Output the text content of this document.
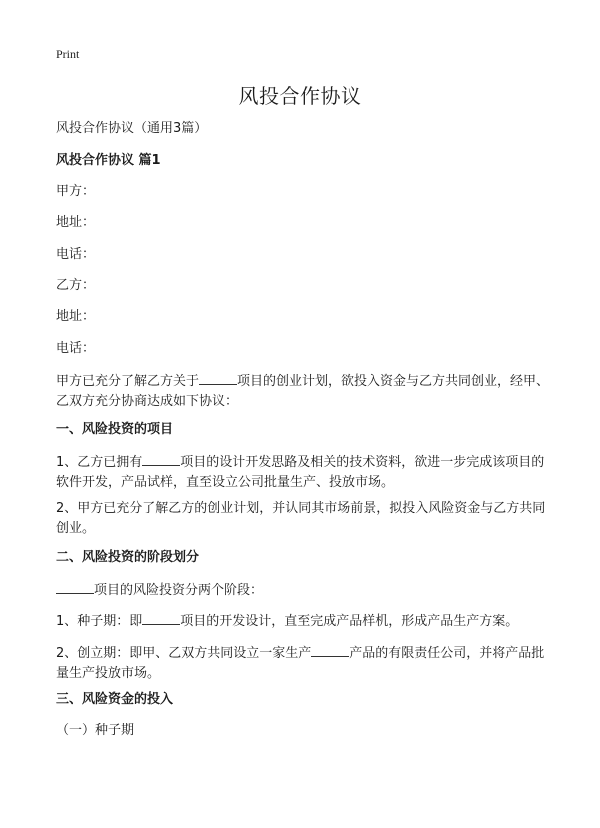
Print
风投合作协议

风投合作协议（通用3篇）

风投合作协议 篇1

甲方：

地址：

电话：

乙方：

地址：

电话：

甲方已充分了解乙方关于	项目的创业计划，欲投入资金与乙方共同创业，经甲、乙双方充分协商达成如下协议：

一、风险投资的项目

1、乙方已拥有	项目的设计开发思路及相关的技术资料，欲进一步完成该项目的软件开发，产品试样，直至设立公司批量生产、投放市场。

2、甲方已充分了解乙方的创业计划，并认同其市场前景，拟投入风险资金与乙方共同创业。

二、风险投资的阶段划分

项目的风险投资分两个阶段：

1、种子期：即	项目的开发设计，直至完成产品样机，形成产品生产方案。

2、创立期：即甲、乙双方共同设立一家生产	产品的有限责任公司，并将产品批量生产投放市场。

三、风险资金的投入

（一）种子期
